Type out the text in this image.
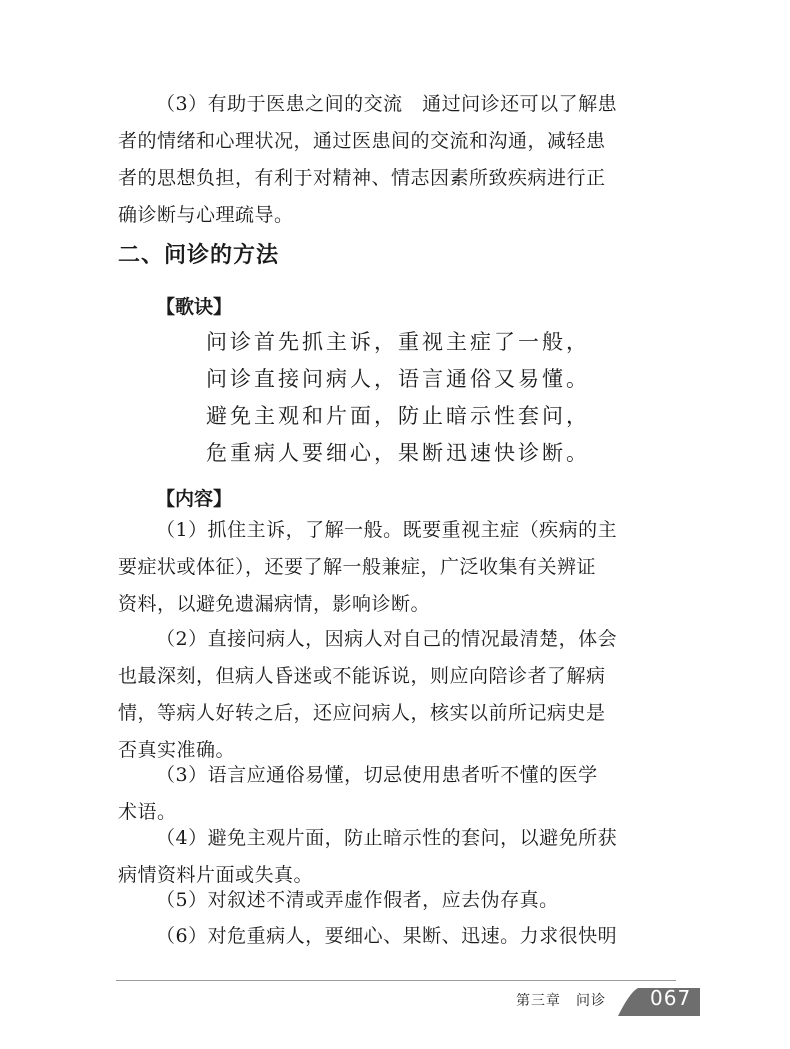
（3）有助于医患之间的交流　通过问诊还可以了解患
者的情绪和心理状况，通过医患间的交流和沟通，减轻患
者的思想负担，有利于对精神、情志因素所致疾病进行正
确诊断与心理疏导。
二、问诊的方法
【歌诀】
问诊首先抓主诉，重视主症了一般，
问诊直接问病人，语言通俗又易懂。
避免主观和片面，防止暗示性套问，
危重病人要细心，果断迅速快诊断。
【内容】
（1）抓住主诉，了解一般。既要重视主症（疾病的主
要症状或体征），还要了解一般兼症，广泛收集有关辨证
资料，以避免遗漏病情，影响诊断。
（2）直接问病人，因病人对自己的情况最清楚，体会
也最深刻，但病人昏迷或不能诉说，则应向陪诊者了解病
情，等病人好转之后，还应问病人，核实以前所记病史是
否真实准确。
（3）语言应通俗易懂，切忌使用患者听不懂的医学
术语。
（4）避免主观片面，防止暗示性的套问，以避免所获
病情资料片面或失真。
（5）对叙述不清或弄虚作假者，应去伪存真。
（6）对危重病人，要细心、果断、迅速。力求很快明
第三章　问诊 067
